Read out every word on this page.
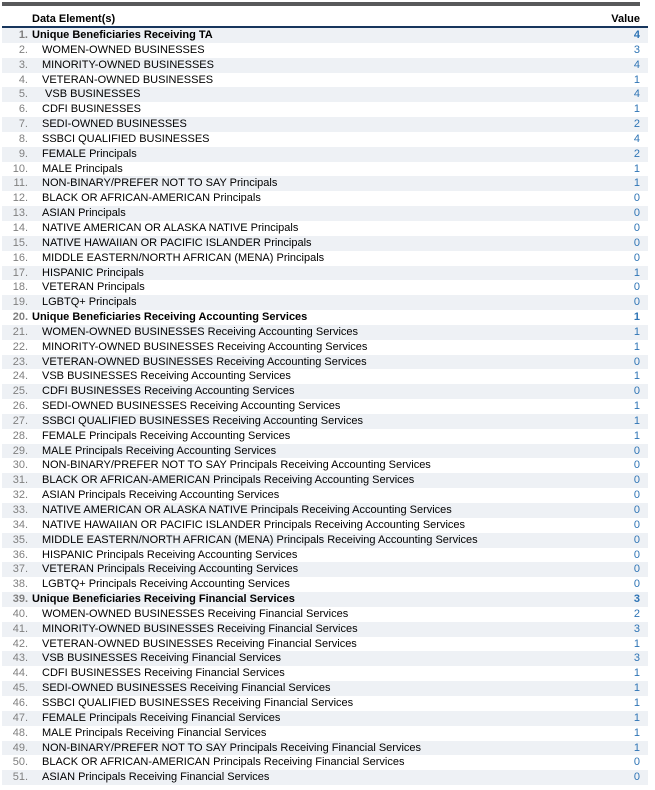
Data Element(s)	Value
1. Unique Beneficiaries Receiving TA	4
2.	WOMEN-OWNED BUSINESSES	3
3.	MINORITY-OWNED BUSINESSES	4
4.	VETERAN-OWNED BUSINESSES	1
5.	VSB BUSINESSES	4
6.	CDFI BUSINESSES	1
7.	SEDI-OWNED BUSINESSES	2
8.	SSBCI QUALIFIED BUSINESSES	4
9.	FEMALE Principals	2
10.	MALE Principals	1
11.	NON-BINARY/PREFER NOT TO SAY Principals	1
12.	BLACK OR AFRICAN-AMERICAN Principals	0
13.	ASIAN Principals	0
14.	NATIVE AMERICAN OR ALASKA NATIVE Principals	0
15.	NATIVE HAWAIIAN OR PACIFIC ISLANDER Principals	0
16.	MIDDLE EASTERN/NORTH AFRICAN (MENA) Principals	0
17.	HISPANIC Principals	1
18.	VETERAN Principals	0
19.	LGBTQ+ Principals	0
20. Unique Beneficiaries Receiving Accounting Services	1
21.	WOMEN-OWNED BUSINESSES Receiving Accounting Services	1
22.	MINORITY-OWNED BUSINESSES Receiving Accounting Services	1
23.	VETERAN-OWNED BUSINESSES Receiving Accounting Services	0
24.	VSB BUSINESSES Receiving Accounting Services	1
25.	CDFI BUSINESSES Receiving Accounting Services	0
26.	SEDI-OWNED BUSINESSES Receiving Accounting Services	1
27.	SSBCI QUALIFIED BUSINESSES Receiving Accounting Services	1
28.	FEMALE Principals Receiving Accounting Services	1
29.	MALE Principals Receiving Accounting Services	0
30.	NON-BINARY/PREFER NOT TO SAY Principals Receiving Accounting Services	0
31.	BLACK OR AFRICAN-AMERICAN Principals Receiving Accounting Services	0
32.	ASIAN Principals Receiving Accounting Services	0
33.	NATIVE AMERICAN OR ALASKA NATIVE Principals Receiving Accounting Services	0
34.	NATIVE HAWAIIAN OR PACIFIC ISLANDER Principals Receiving Accounting Services	0
35.	MIDDLE EASTERN/NORTH AFRICAN (MENA) Principals Receiving Accounting Services	0
36.	HISPANIC Principals Receiving Accounting Services	0
37.	VETERAN Principals Receiving Accounting Services	0
38.	LGBTQ+ Principals Receiving Accounting Services	0
39. Unique Beneficiaries Receiving Financial Services	3
40.	WOMEN-OWNED BUSINESSES Receiving Financial Services	2
41.	MINORITY-OWNED BUSINESSES Receiving Financial Services	3
42.	VETERAN-OWNED BUSINESSES Receiving Financial Services	1
43.	VSB BUSINESSES Receiving Financial Services	3
44.	CDFI BUSINESSES Receiving Financial Services	1
45.	SEDI-OWNED BUSINESSES Receiving Financial Services	1
46.	SSBCI QUALIFIED BUSINESSES Receiving Financial Services	1
47.	FEMALE Principals Receiving Financial Services	1
48.	MALE Principals Receiving Financial Services	1
49.	NON-BINARY/PREFER NOT TO SAY Principals Receiving Financial Services	1
50.	BLACK OR AFRICAN-AMERICAN Principals Receiving Financial Services	0
51.	ASIAN Principals Receiving Financial Services	0
